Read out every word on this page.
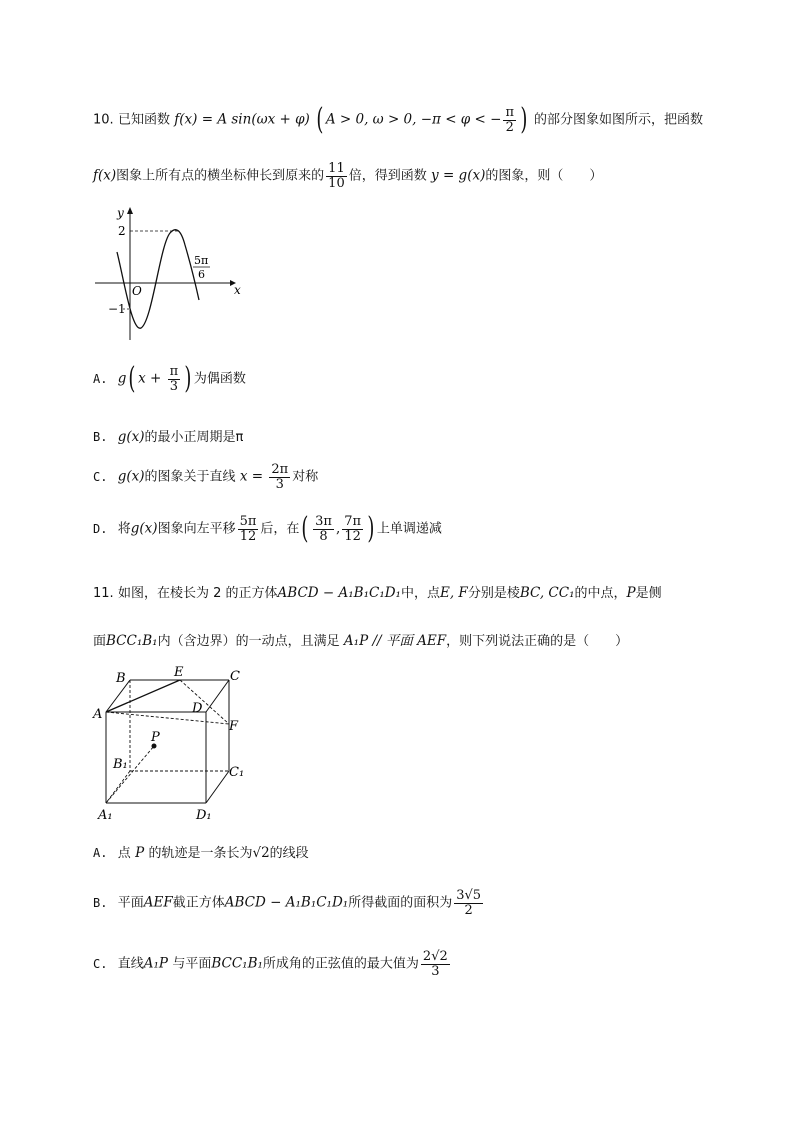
10. 已知函数 f(x) = A sin(ωx + φ) ( A > 0, ω > 0, −π < φ < − $\frac{\pi}{2}$ ) 的部分图象如图所示，把函数
f(x)图象上所有点的横坐标伸长到原来的 $\frac{11}{10}$ 倍，得到函数 y = g(x)的图象，则（　　）
y
x
O
2
−1
5π
6
A. g( $x + \frac{\pi}{3}$ ) 为偶函数
B. g(x)的最小正周期是π
C. g(x)的图象关于直线 $x = \frac{2\pi}{3}$ 对称
D. 将g(x)图象向左平移 $\frac{5\pi}{12}$ 后，在( $\frac{3\pi}{8}$ , $\frac{7\pi}{12}$ ) 上单调递减
11. 如图，在棱长为 2 的正方体ABCD − A₁B₁C₁D₁中，点E, F分别是棱BC, CC₁的中点，P是侧
面BCC₁B₁内（含边界）的一动点，且满足 A₁P // 平面 AEF，则下列说法正确的是（　　）
B	E	C
A	D
F
P
B₁
C₁
A₁	D₁
A. 点 P 的轨迹是一条长为√2的线段
B. 平面AEF截正方体ABCD − A₁B₁C₁D₁所得截面的面积为 $\frac{3√5}{2}$
C. 直线A₁P 与平面BCC₁B₁所成角的正弦值的最大值为 $\frac{2√2}{3}$
